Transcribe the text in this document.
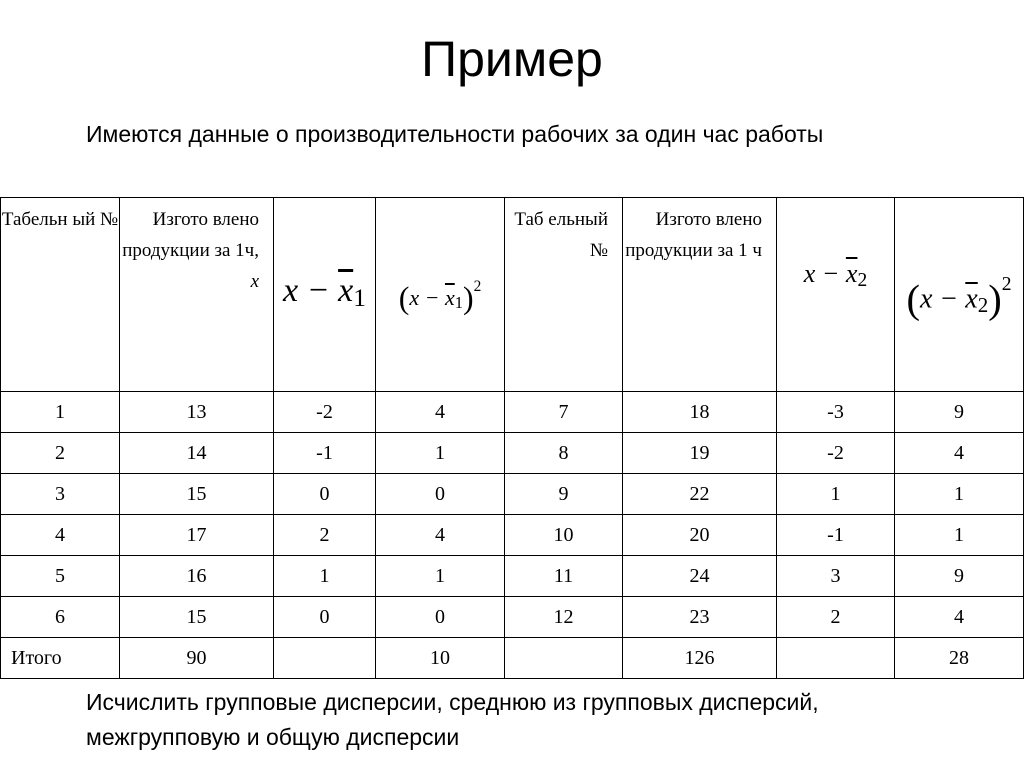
Пример
Имеются данные о производительности рабочих за один час работы
Табельн ый №	Изгото влено продукции за 1ч, x	$x - \overline{x}1$	$(x - \overline{x}1)^2$	Таб ельный №	Изгото влено продукции за 1 ч	$x - \overline{x}2$	$(x - \overline{x}_2)^2$
1	13	-2	4	7	18	-3	9
2	14	-1	1	8	19	-2	4
3	15	0	0	9	22	1	1
4	17	2	4	10	20	-1	1
5	16	1	1	11	24	3	9
6	15	0	0	12	23	2	4
Итого	90		10		126		28
Исчислить групповые дисперсии, среднюю из групповых дисперсий, межгрупповую и общую дисперсии
